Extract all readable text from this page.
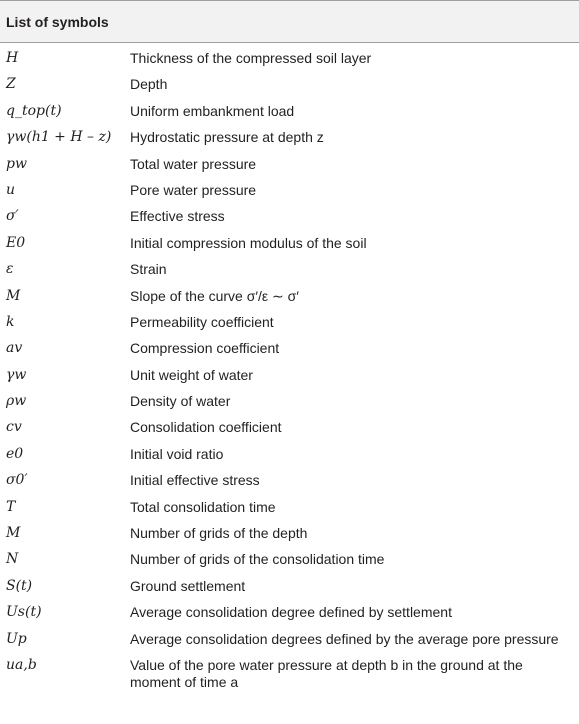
List of symbols
H	Thickness of the compressed soil layer
Z	Depth
q_top(t)	Uniform embankment load
γw(h1 + H – z)	Hydrostatic pressure at depth z
pw	Total water pressure
u	Pore water pressure
σ′	Effective stress
E0	Initial compression modulus of the soil
ε	Strain
M	Slope of the curve σ′/ε ∼ σ′
k	Permeability coefficient
av	Compression coefficient
γw	Unit weight of water
ρw	Density of water
cv	Consolidation coefficient
e0	Initial void ratio
σ0′	Initial effective stress
T	Total consolidation time
M	Number of grids of the depth
N	Number of grids of the consolidation time
S(t)	Ground settlement
Us(t)	Average consolidation degree defined by settlement
Up	Average consolidation degrees defined by the average pore pressure
ua,b	Value of the pore water pressure at depth b in the ground at the moment of time a
